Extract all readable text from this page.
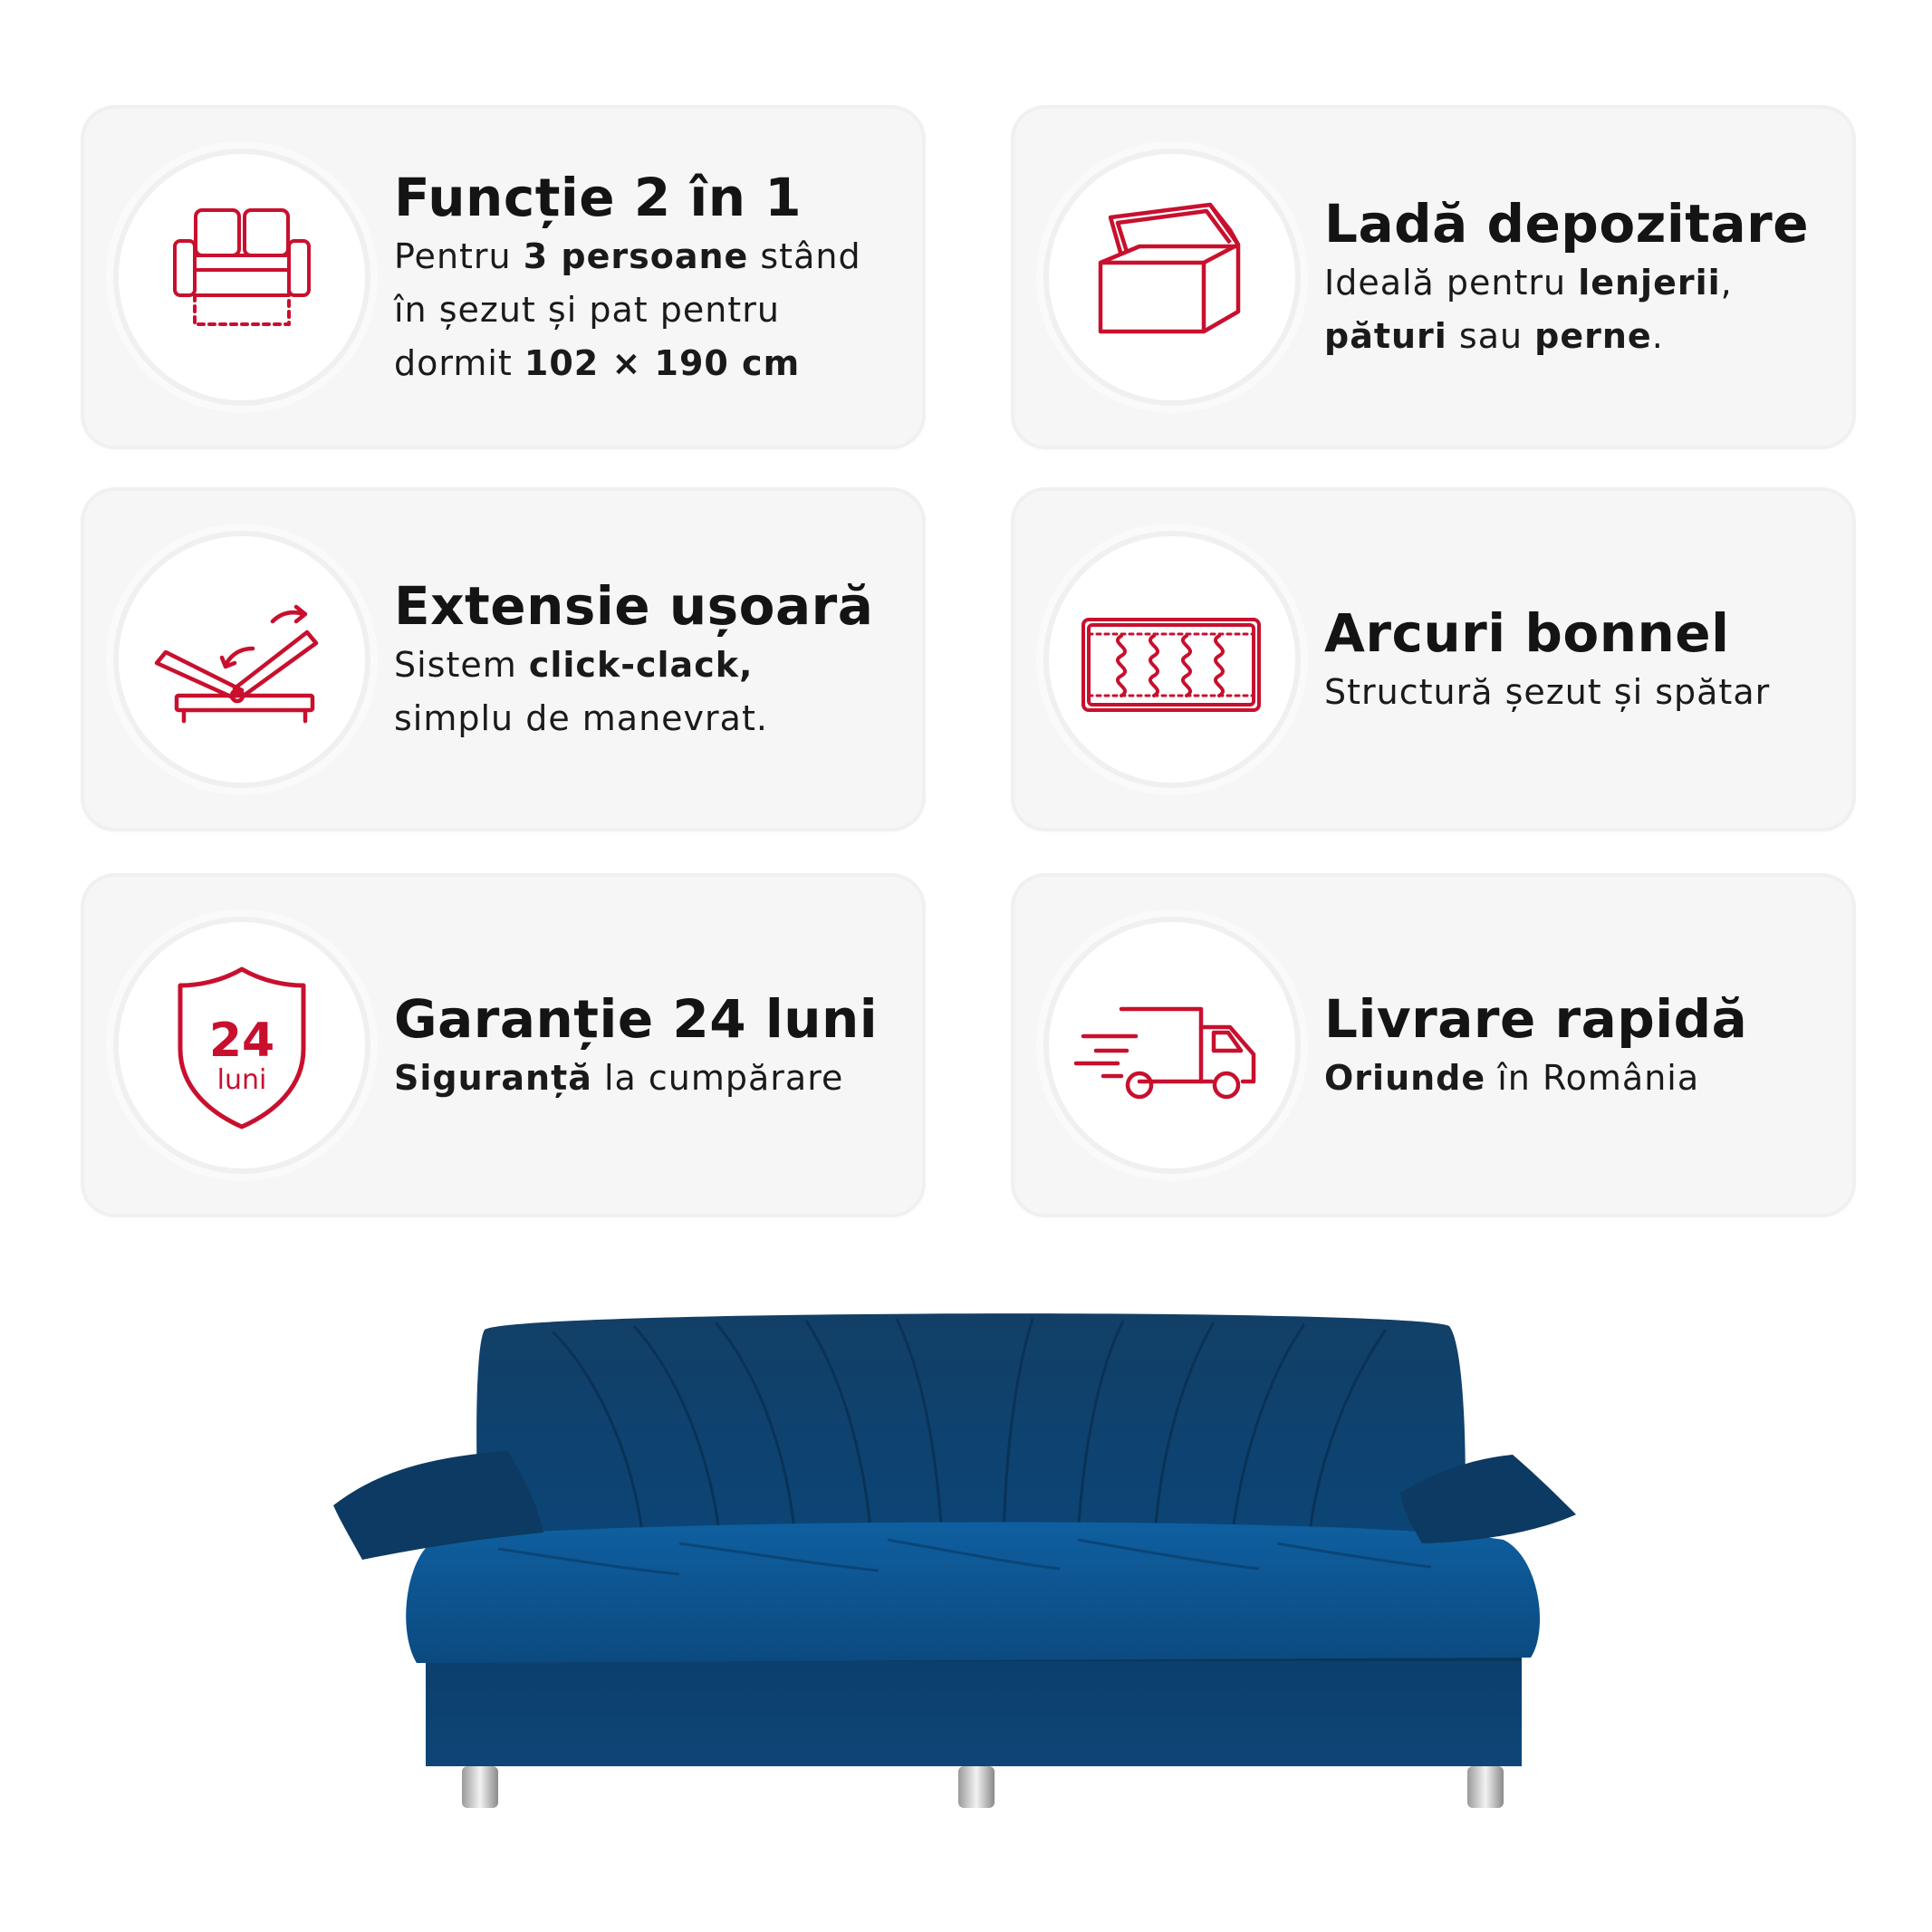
Funcție 2 în 1
Pentru 3 persoane stând
în șezut și pat pentru
dormit 102 × 190 cm
Ladă depozitare
Ideală pentru lenjerii,
pături sau perne.
Extensie ușoară
Sistem click-clack,
simplu de manevrat.
Arcuri bonnel
Structură șezut și spătar
24
luni
Garanție 24 luni
Siguranță la cumpărare
Livrare rapidă
Oriunde în România
